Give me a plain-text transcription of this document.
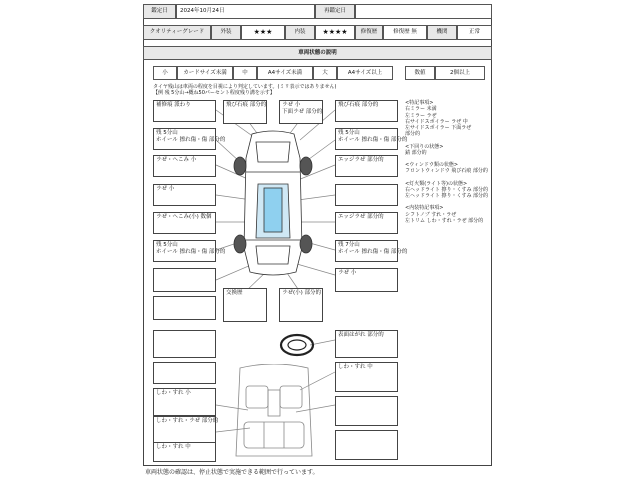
鑑定日	2024年10月24日	再鑑定日
クオリティーグレード	外装	★★★	内装	★★★★	修復歴	修復歴 無	機関	正常
車両状態の説明
小	カードサイズ未満	中	A4サイズ未満	大	A4サイズ以上	数値	2個以上
タイヤ残山は車両の程度を目視により判定しています。(ミリ表示ではありません)
【例 残 5分山→概ね50パーセント程度残り溝を示す】
補修痕 派わり
残 5分山
ホイール 擦れ傷・傷 部分的
ラぜ・へこみ 小
ラぜ 小
ラぜ・へこみ(小) 数個
残 5分山
ホイール 擦れ傷・傷 部分的
飛び石痕 部分的	ラぜ 小
下面ラぜ 部分的
交換歴	ラぜ(小) 部分的
飛び石痕 部分的
残 5分山
ホイール 擦れ傷・傷 部分的
エッジラぜ 部分的
エッジラぜ 部分的
残 7分山
ホイール 擦れ傷・傷 部分的
ラぜ 小
表面はがれ 部分的
しわ・すれ 中
しわ・すれ 小
しわ・すれ・ラぜ 部分的
しわ・すれ 中
<特記事項>
右ミラー 未満
左ミラー ラぜ
右サイドスポイラー ラぜ 中
左サイドスポイラー 下面ラぜ
部分的
<下回りの状態>
錆 部分的
<ウィンドウ類の状態>
フロントウィンドウ 飛び石痕 部分的
<灯火類(ライト等)の状態>
右ヘッドライト 擦り・くすみ 部分的
左ヘッドライト 擦り・くすみ 部分的
<内装特記事項>
シフトノブ すれ・ラぜ
左トリム しわ・すれ・ラぜ 部分的
車両状態の確認は、停止状態で実施できる範囲で行っています。
